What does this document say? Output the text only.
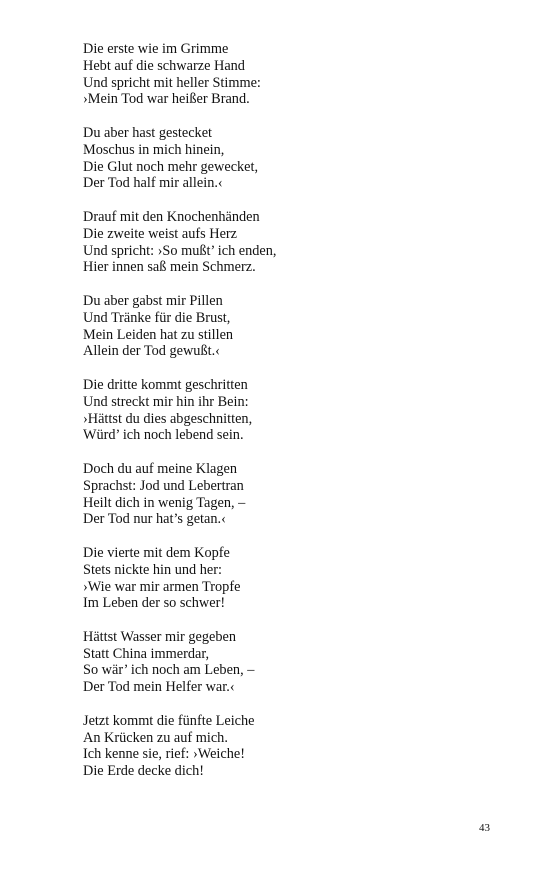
Die erste wie im Grimme
Hebt auf die schwarze Hand
Und spricht mit heller Stimme:
›Mein Tod war heißer Brand.
Du aber hast gestecket
Moschus in mich hinein,
Die Glut noch mehr gewecket,
Der Tod half mir allein.‹
Drauf mit den Knochenhänden
Die zweite weist aufs Herz
Und spricht: ›So mußt’ ich enden,
Hier innen saß mein Schmerz.
Du aber gabst mir Pillen
Und Tränke für die Brust,
Mein Leiden hat zu stillen
Allein der Tod gewußt.‹
Die dritte kommt geschritten
Und streckt mir hin ihr Bein:
›Hättst du dies abgeschnitten,
Würd’ ich noch lebend sein.
Doch du auf meine Klagen
Sprachst: Jod und Lebertran
Heilt dich in wenig Tagen, –
Der Tod nur hat’s getan.‹
Die vierte mit dem Kopfe
Stets nickte hin und her:
›Wie war mir armen Tropfe
Im Leben der so schwer!
Hättst Wasser mir gegeben
Statt China immerdar,
So wär’ ich noch am Leben, –
Der Tod mein Helfer war.‹
Jetzt kommt die fünfte Leiche
An Krücken zu auf mich.
Ich kenne sie, rief: ›Weiche!
Die Erde decke dich!
43
